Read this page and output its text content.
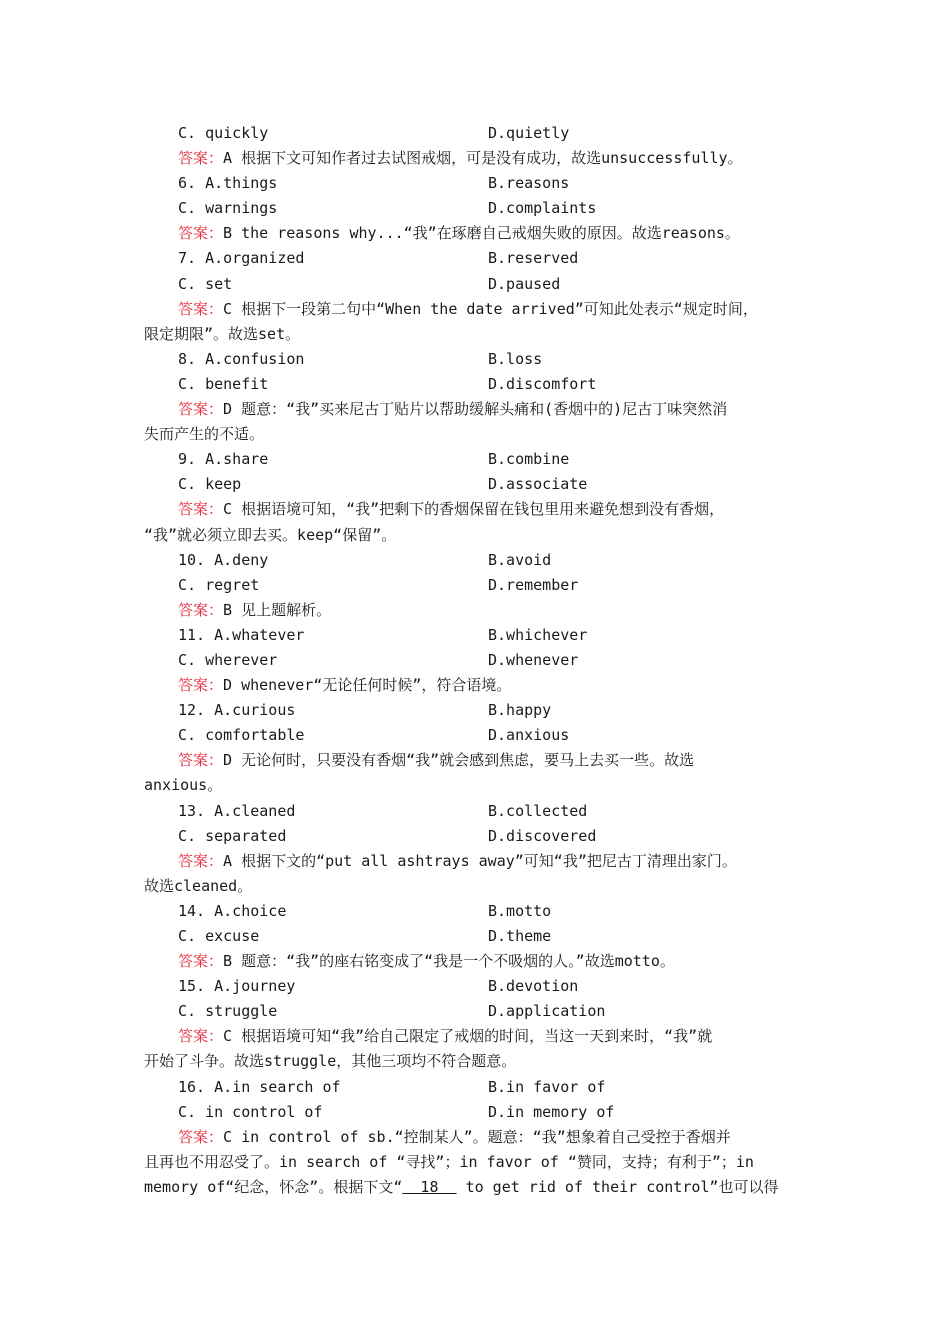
C. quickly	D.quietly
答案：A 根据下文可知作者过去试图戒烟，可是没有成功，故选unsuccessfully。
6. A.things	B.reasons
C. warnings	D.complaints
答案：B the reasons why...“我”在琢磨自己戒烟失败的原因。故选reasons。
7. A.organized	B.reserved
C. set	D.paused
答案：C 根据下一段第二句中“When the date arrived”可知此处表示“规定时间，
限定期限”。故选set。
8. A.confusion	B.loss
C. benefit	D.discomfort
答案：D 题意：“我”买来尼古丁贴片以帮助缓解头痛和(香烟中的)尼古丁味突然消
失而产生的不适。
9. A.share	B.combine
C. keep	D.associate
答案：C 根据语境可知，“我”把剩下的香烟保留在钱包里用来避免想到没有香烟，
“我”就必须立即去买。keep“保留”。
10. A.deny	B.avoid
C. regret	D.remember
答案：B 见上题解析。
11. A.whatever	B.whichever
C. wherever	D.whenever
答案：D whenever“无论任何时候”，符合语境。
12. A.curious	B.happy
C. comfortable	D.anxious
答案：D 无论何时，只要没有香烟“我”就会感到焦虑，要马上去买一些。故选
anxious。
13. A.cleaned	B.collected
C. separated	D.discovered
答案：A 根据下文的“put all ashtrays away”可知“我”把尼古丁清理出家门。
故选cleaned。
14. A.choice	B.motto
C. excuse	D.theme
答案：B 题意：“我”的座右铭变成了“我是一个不吸烟的人。”故选motto。
15. A.journey	B.devotion
C. struggle	D.application
答案：C 根据语境可知“我”给自己限定了戒烟的时间，当这一天到来时，“我”就
开始了斗争。故选struggle，其他三项均不符合题意。
16. A.in search of	B.in favor of
C. in control of	D.in memory of
答案：C in control of sb.“控制某人”。题意：“我”想象着自己受控于香烟并
且再也不用忍受了。in search of “寻找”；in favor of “赞同，支持；有利于”；in
memory of“纪念，怀念”。根据下文“  18   to get rid of their control”也可以得
